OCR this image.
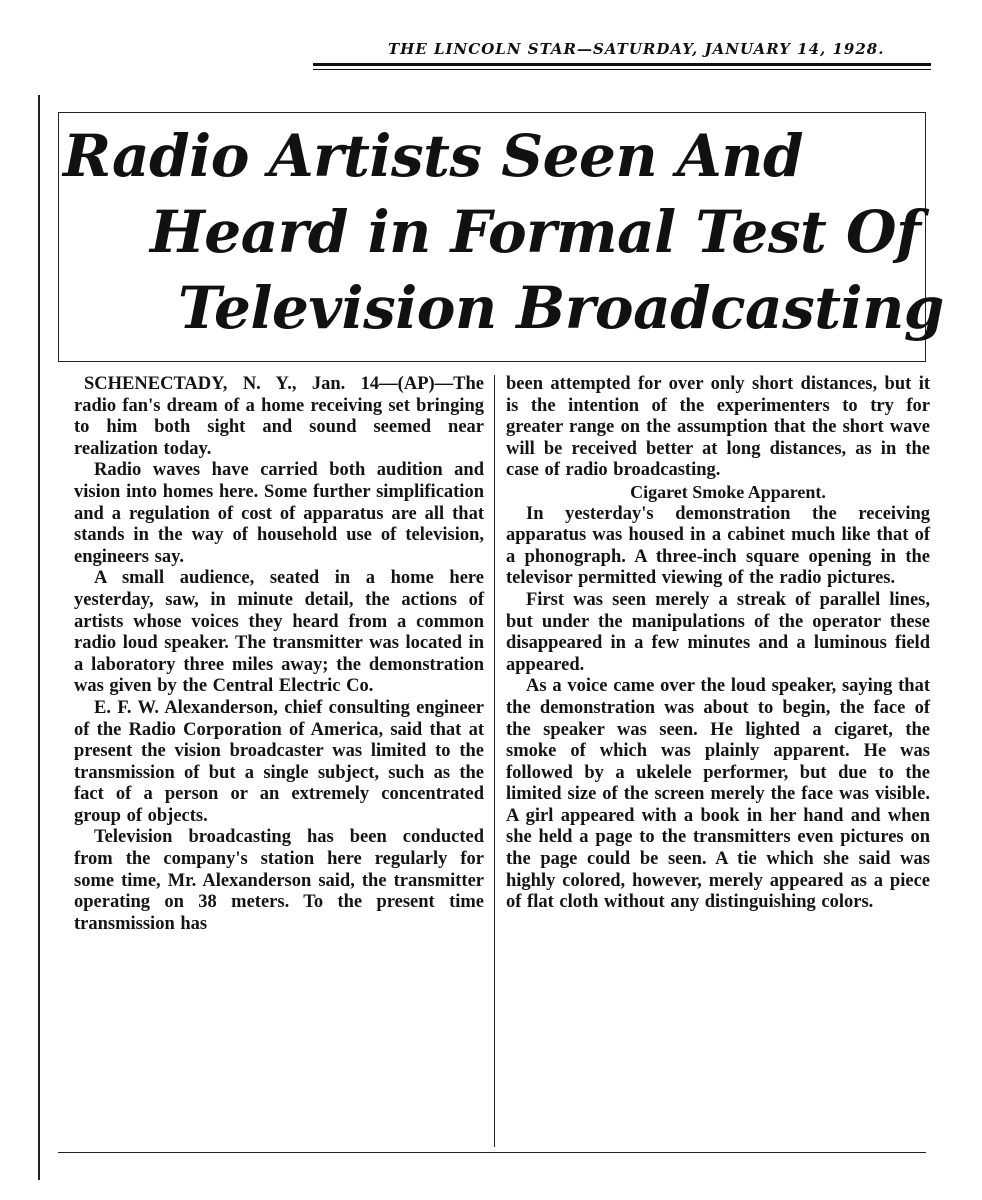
THE LINCOLN STAR—SATURDAY, JANUARY 14, 1928.
Radio Artists Seen And
Heard in Formal Test Of
Television Broadcasting

SCHENECTADY, N. Y., Jan. 14—(AP)—The radio fan's dream of a home receiving set bringing to him both sight and sound seemed near realization today.

Radio waves have carried both audition and vision into homes here. Some further simplification and a regulation of cost of apparatus are all that stands in the way of household use of television, engineers say.

A small audience, seated in a home here yesterday, saw, in minute detail, the actions of artists whose voices they heard from a common radio loud speaker. The transmitter was located in a laboratory three miles away; the demonstration was given by the Central Electric Co.

E. F. W. Alexanderson, chief consulting engineer of the Radio Corporation of America, said that at present the vision broadcaster was limited to the transmission of but a single subject, such as the fact of a person or an extremely concentrated group of objects.

Television broadcasting has been conducted from the company's station here regularly for some time, Mr. Alexanderson said, the transmitter operating on 38 meters. To the present time transmission has

been attempted for over only short distances, but it is the intention of the experimenters to try for greater range on the assumption that the short wave will be received better at long distances, as in the case of radio broadcasting.

Cigaret Smoke Apparent.

In yesterday's demonstration the receiving apparatus was housed in a cabinet much like that of a phonograph. A three-inch square opening in the televisor permitted viewing of the radio pictures.

First was seen merely a streak of parallel lines, but under the manipulations of the operator these disappeared in a few minutes and a luminous field appeared.

As a voice came over the loud speaker, saying that the demonstration was about to begin, the face of the speaker was seen. He lighted a cigaret, the smoke of which was plainly apparent. He was followed by a ukelele performer, but due to the limited size of the screen merely the face was visible. A girl appeared with a book in her hand and when she held a page to the transmitters even pictures on the page could be seen. A tie which she said was highly colored, however, merely appeared as a piece of flat cloth without any distinguishing colors.
